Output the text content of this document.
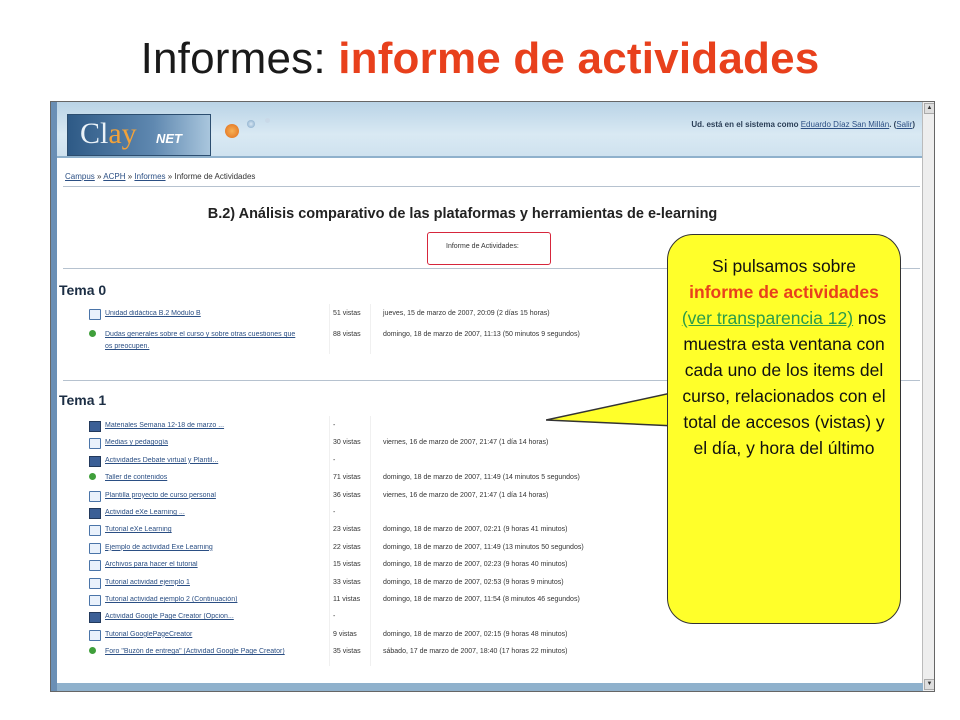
Informes: informe de actividades
Clay NET
Ud. está en el sistema como Eduardo Díaz San Millán. (Salir)
Campus » ACPH » Informes » Informe de Actividades
B.2) Análisis comparativo de las plataformas y herramientas de e-learning
Informe de Actividades:
Tema 0
Unidad didáctica B.2 Módulo B	51 vistas	jueves, 15 de marzo de 2007, 20:09 (2 días 15 horas)
Dudas generales sobre el curso y sobre otras cuestiones que	88 vistas	domingo, 18 de marzo de 2007, 11:13 (50 minutos 9 segundos)
os preocupen.
Tema 1
Materiales Semana 12-18 de marzo ...	-
Medias y pedagogía	30 vistas	viernes, 16 de marzo de 2007, 21:47 (1 día 14 horas)
Actividades Debate virtual y Plantil...	-
Taller de contenidos	71 vistas	domingo, 18 de marzo de 2007, 11:49 (14 minutos 5 segundos)
Plantilla proyecto de curso personal	36 vistas	viernes, 16 de marzo de 2007, 21:47 (1 día 14 horas)
Actividad eXe Learning ...	-
Tutorial eXe Learning	23 vistas	domingo, 18 de marzo de 2007, 02:21 (9 horas 41 minutos)
Ejemplo de actividad Exe Learning	22 vistas	domingo, 18 de marzo de 2007, 11:49 (13 minutos 50 segundos)
Archivos para hacer el tutorial	15 vistas	domingo, 18 de marzo de 2007, 02:23 (9 horas 40 minutos)
Tutorial actividad ejemplo 1	33 vistas	domingo, 18 de marzo de 2007, 02:53 (9 horas 9 minutos)
Tutorial actividad ejemplo 2 (Continuación)	11 vistas	domingo, 18 de marzo de 2007, 11:54 (8 minutos 46 segundos)
Actividad Google Page Creator (Opcion...	-
Tutorial GooglePageCreator	9 vistas	domingo, 18 de marzo de 2007, 02:15 (9 horas 48 minutos)
Foro "Buzón de entrega" (Actividad Google Page Creator)	35 vistas	sábado, 17 de marzo de 2007, 18:40 (17 horas 22 minutos)
▲
▼
Si pulsamos sobre informe de actividades (ver transparencia 12) nos muestra esta ventana con cada uno de los items del curso, relacionados con el total de accesos (vistas) y el día, y hora del último
